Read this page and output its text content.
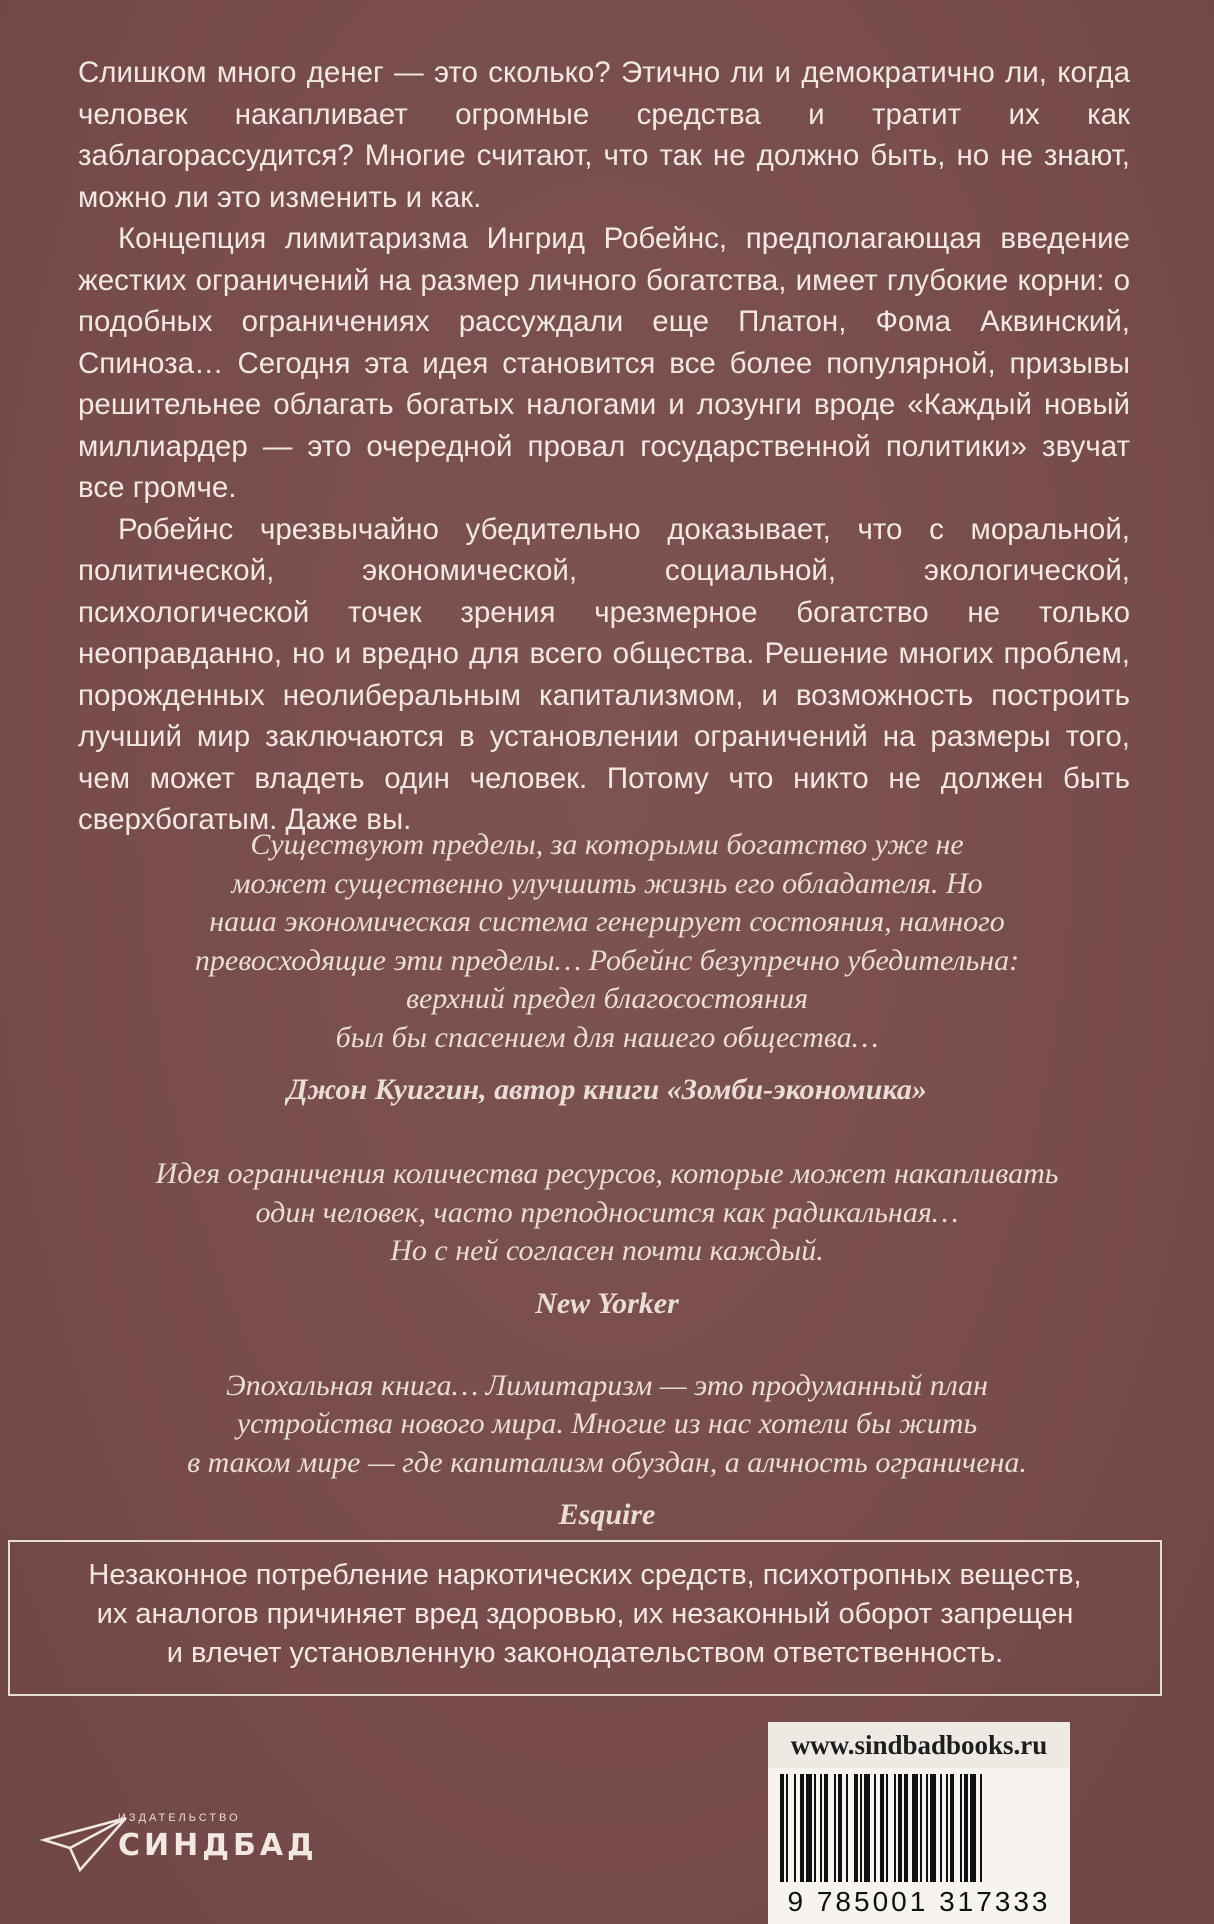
Слишком много денег — это сколько? Этично ли и демократично ли, когда человек накапливает огромные средства и тратит их как заблагорассудится? Многие считают, что так не должно быть, но не знают, можно ли это изменить и как.

Концепция лимитаризма Ингрид Робейнс, предполагающая введение жестких ограничений на размер личного богатства, имеет глубокие корни: о подобных ограничениях рассуждали еще Платон, Фома Аквинский, Спиноза… Сегодня эта идея становится все более популярной, призывы решительнее облагать богатых налогами и лозунги вроде «Каждый новый миллиардер — это очередной провал государственной политики» звучат все громче.

Робейнс чрезвычайно убедительно доказывает, что с моральной, политической, экономической, социальной, экологической, психологической точек зрения чрезмерное богатство не только неоправданно, но и вредно для всего общества. Решение многих проблем, порожденных неолиберальным капитализмом, и возможность построить лучший мир заключаются в установлении ограничений на размеры того, чем может владеть один человек. Потому что никто не должен быть сверхбогатым. Даже вы.

Существуют пределы, за которыми богатство уже не
может существенно улучшить жизнь его обладателя. Но
наша экономическая система генерирует состояния, намного
превосходящие эти пределы… Робейнс безупречно убедительна:
верхний предел благосостояния
был бы спасением для нашего общества…
Джон Куиггин, автор книги «Зомби-экономика»
Идея ограничения количества ресурсов, которые может накапливать
один человек, часто преподносится как радикальная…
Но с ней согласен почти каждый.
New Yorker
Эпохальная книга… Лимитаризм — это продуманный план
устройства нового мира. Многие из нас хотели бы жить
в таком мире — где капитализм обуздан, а алчность ограничена.
Esquire
Незаконное потребление наркотических средств, психотропных веществ,
их аналогов причиняет вред здоровью, их незаконный оборот запрещен
и влечет установленную законодательством ответственность.
ИЗДАТЕЛЬСТВО
СИНДБАД
www.sindbadbooks.ru
9 785001 317333
